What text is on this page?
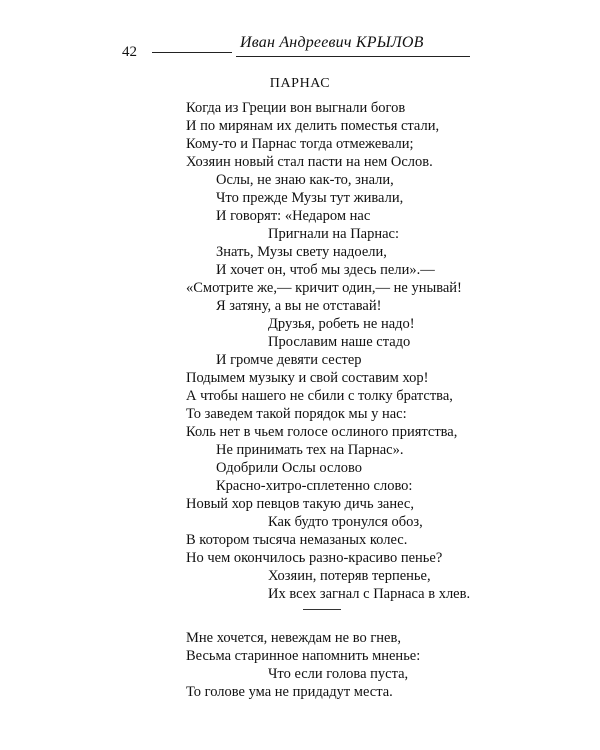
42
Иван Андреевич КРЫЛОВ
ПАРНАС
Когда из Греции вон выгнали богов
И по мирянам их делить поместья стали,
Кому-то и Парнас тогда отмежевали;
Хозяин новый стал пасти на нем Ослов.
Ослы, не знаю как-то, знали,
Что прежде Музы тут живали,
И говорят: «Недаром нас
Пригнали на Парнас:
Знать, Музы свету надоели,
И хочет он, чтоб мы здесь пели».—
«Смотрите же,— кричит один,— не унывай!
Я затяну, а вы не отставай!
Друзья, робеть не надо!
Прославим наше стадо
И громче девяти сестер
Подымем музыку и свой составим хор!
А чтобы нашего не сбили с толку братства,
То заведем такой порядок мы у нас:
Коль нет в чьем голосе ослиного приятства,
Не принимать тех на Парнас».
Одобрили Ослы ослово
Красно-хитро-сплетенно слово:
Новый хор певцов такую дичь занес,
Как будто тронулся обоз,
В котором тысяча немазаных колес.
Но чем окончилось разно-красиво пенье?
Хозяин, потеряв терпенье,
Их всех загнал с Парнаса в хлев.
Мне хочется, невеждам не во гнев,
Весьма старинное напомнить мненье:
Что если голова пуста,
То голове ума не придадут места.
